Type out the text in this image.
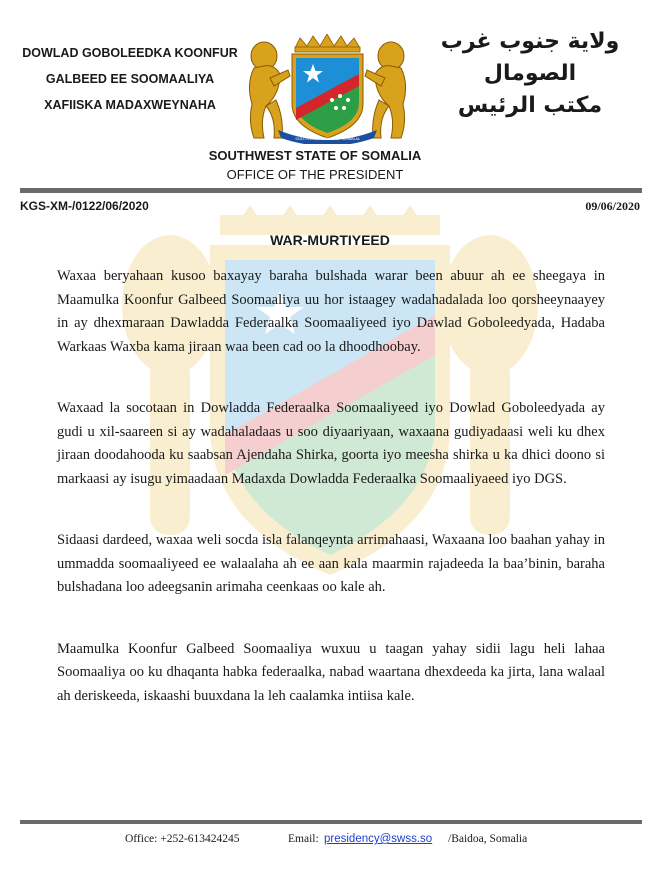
DOWLAD GOBOLEEDKA KOONFUR
GALBEED EE SOOMAALIYA
XAFIISKA MADAXWEYNAHA
SOUTHWEST STATE OF SOMALIA
ولاية جنوب غرب
الصومال
مكتب الرئيس
SOUTHWEST STATE OF SOMALIA
OFFICE OF THE PRESIDENT
KGS-XM-/0122/06/2020	09/06/2020
WAR-MURTIYEED

Waxaa beryahaan kusoo baxayay baraha bulshada warar been abuur ah ee sheegaya in Maamulka Koonfur Galbeed Soomaaliya uu hor istaagey wadahadalada loo qorsheeynaayey in ay dhexmaraan Dawladda Federaalka Soomaaliyeed iyo Dawlad Goboleedyada, Hadaba Warkaas Waxba kama jiraan waa been cad oo la dhoodhoobay.

Waxaad la socotaan in Dowladda Federaalka Soomaaliyeed iyo Dowlad Goboleedyada ay gudi u xil-saareen si ay wadahaladaas u soo diyaariyaan, waxaana gudiyadaasi weli ku dhex jiraan doodahooda ku saabsan Ajendaha Shirka, goorta iyo meesha shirka u ka dhici doono si markaasi ay isugu yimaadaan Madaxda Dowladda Federaalka Soomaaliyaeed iyo DGS.

Sidaasi dardeed, waxaa weli socda isla falanqeynta arrimahaasi, Waxaana loo baahan yahay in ummadda soomaaliyeed ee walaalaha ah ee aan kala maarmin rajadeeda la baa’binin, baraha bulshadana loo adeegsanin arimaha ceenkaas oo kale ah.

Maamulka Koonfur Galbeed Soomaaliya wuxuu u taagan yahay sidii lagu heli lahaa Soomaaliya oo ku dhaqanta habka federaalka, nabad waartana dhexdeeda ka jirta, lana walaal ah deriskeeda, iskaashi buuxdana la leh caalamka intiisa kale.

Office: +252-613424245	Email: presidency@swss.so /Baidoa, Somalia
